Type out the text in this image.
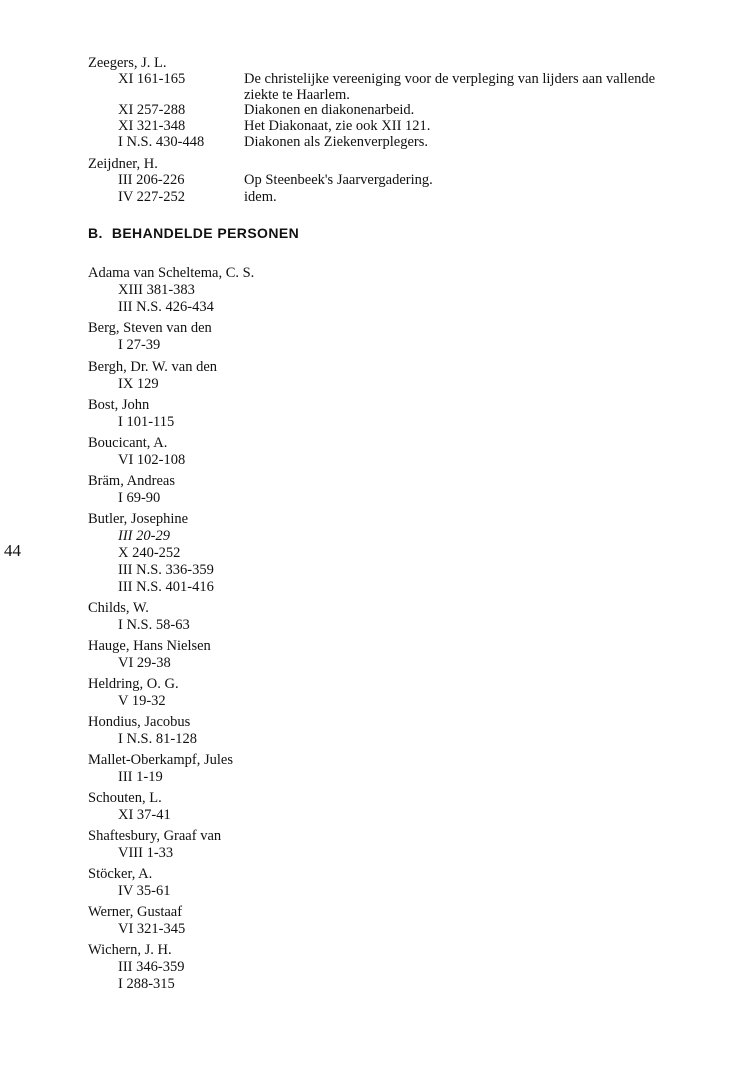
Zeegers, J. L.
XI 161-165	De christelijke vereeniging voor de verpleging van lijders aan vallende ziekte te Haarlem.
XI 257-288	Diakonen en diakonenarbeid.
XI 321-348	Het Diakonaat, zie ook XII 121.
I N.S. 430-448	Diakonen als Ziekenverplegers.
Zeijdner, H.
III 206-226	Op Steenbeek's Jaarvergadering.
IV 227-252	idem.
B. BEHANDELDE PERSONEN
Adama van Scheltema, C. S.
XIII 381-383
III N.S. 426-434
Berg, Steven van den
I 27-39
Bergh, Dr. W. van den
IX 129
Bost, John
I 101-115
Boucicant, A.
VI 102-108
Bräm, Andreas
I 69-90
Butler, Josephine
III 20-29
X 240-252
III N.S. 336-359
III N.S. 401-416
Childs, W.
I N.S. 58-63
Hauge, Hans Nielsen
VI 29-38
Heldring, O. G.
V 19-32
Hondius, Jacobus
I N.S. 81-128
Mallet-Oberkampf, Jules
III 1-19
Schouten, L.
XI 37-41
Shaftesbury, Graaf van
VIII 1-33
Stöcker, A.
IV 35-61
Werner, Gustaaf
VI 321-345
Wichern, J. H.
III 346-359
I 288-315
44
